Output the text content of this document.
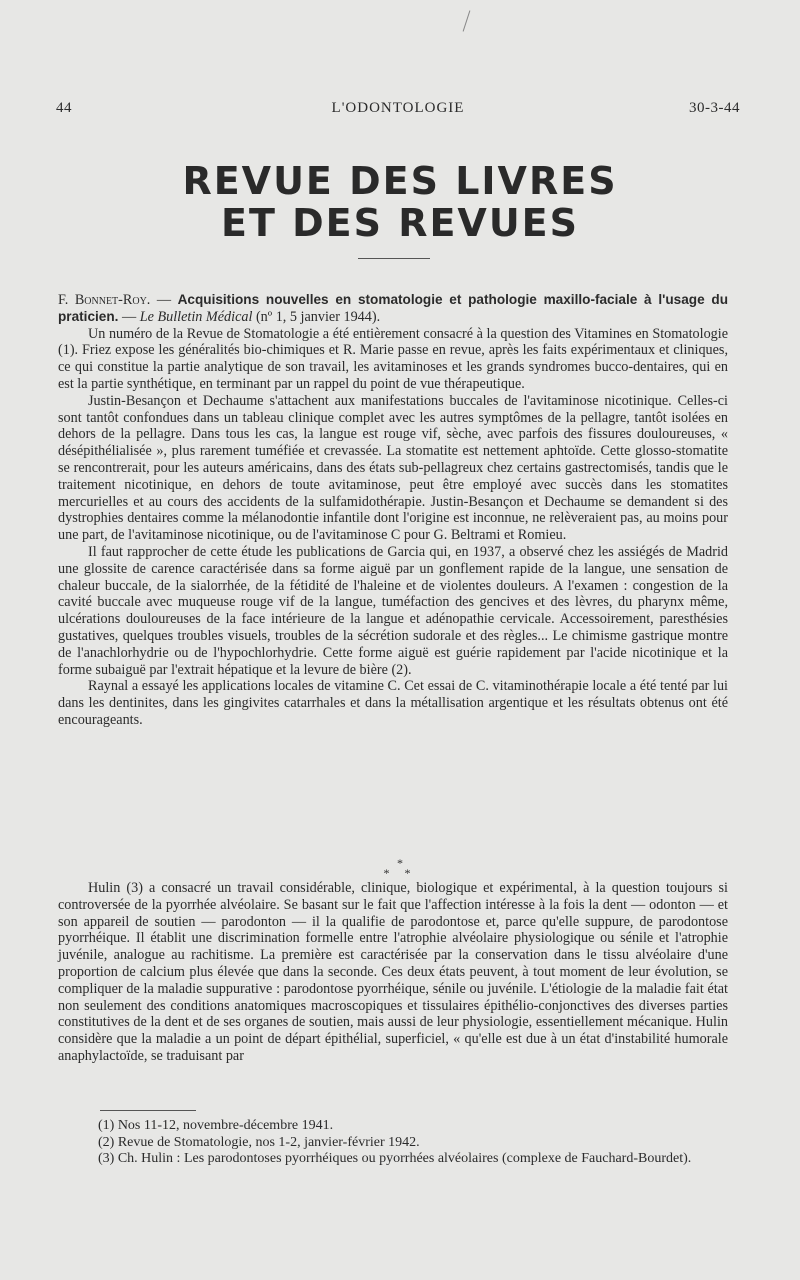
44	L'ODONTOLOGIE	30-3-44
REVUE DES LIVRES
ET DES REVUES

F. Bonnet-Roy. — Acquisitions nouvelles en stomatologie et pathologie maxillo-faciale à l'usage du praticien. — Le Bulletin Médical (nº 1, 5 janvier 1944).

Un numéro de la Revue de Stomatologie a été entièrement consacré à la question des Vitamines en Stomatologie (1). Friez expose les généralités bio-chimiques et R. Marie passe en revue, après les faits expérimentaux et cliniques, ce qui constitue la partie analytique de son travail, les avitaminoses et les grands syndromes bucco-dentaires, qui en est la partie synthétique, en terminant par un rappel du point de vue thérapeutique.

Justin-Besançon et Dechaume s'attachent aux manifestations buccales de l'avitaminose nicotinique. Celles-ci sont tantôt confondues dans un tableau clinique complet avec les autres symptômes de la pellagre, tantôt isolées en dehors de la pellagre. Dans tous les cas, la langue est rouge vif, sèche, avec parfois des fissures douloureuses, « désépithélialisée », plus rarement tuméfiée et crevassée. La stomatite est nettement aphtoïde. Cette glosso-stomatite se rencontrerait, pour les auteurs américains, dans des états sub-pellagreux chez certains gastrectomisés, tandis que le traitement nicotinique, en dehors de toute avitaminose, peut être employé avec succès dans les stomatites mercurielles et au cours des accidents de la sulfamidothérapie. Justin-Besançon et Dechaume se demandent si des dystrophies dentaires comme la mélanodontie infantile dont l'origine est inconnue, ne relèveraient pas, au moins pour une part, de l'avitaminose nicotinique, ou de l'avitaminose C pour G. Beltrami et Romieu.

Il faut rapprocher de cette étude les publications de Garcia qui, en 1937, a observé chez les assiégés de Madrid une glossite de carence caractérisée dans sa forme aiguë par un gonflement rapide de la langue, une sensation de chaleur buccale, de la sialorrhée, de la fétidité de l'haleine et de violentes douleurs. A l'examen : congestion de la cavité buccale avec muqueuse rouge vif de la langue, tuméfaction des gencives et des lèvres, du pharynx même, ulcérations douloureuses de la face intérieure de la langue et adénopathie cervicale. Accessoirement, paresthésies gustatives, quelques troubles visuels, troubles de la sécrétion sudorale et des règles... Le chimisme gastrique montre de l'anachlorhydrie ou de l'hypochlorhydrie. Cette forme aiguë est guérie rapidement par l'acide nicotinique et la forme subaiguë par l'extrait hépatique et la levure de bière (2).

Raynal a essayé les applications locales de vitamine C. Cet essai de C. vitaminothérapie locale a été tenté par lui dans les dentinites, dans les gingivites catarrhales et dans la métallisation argentique et les résultats obtenus ont été encourageants.

*
* *

Hulin (3) a consacré un travail considérable, clinique, biologique et expérimental, à la question toujours si controversée de la pyorrhée alvéolaire. Se basant sur le fait que l'affection intéresse à la fois la dent — odonton — et son appareil de soutien — parodonton — il la qualifie de parodontose et, parce qu'elle suppure, de parodontose pyorrhéique. Il établit une discrimination formelle entre l'atrophie alvéolaire physiologique ou sénile et l'atrophie juvénile, analogue au rachitisme. La première est caractérisée par la conservation dans le tissu alvéolaire d'une proportion de calcium plus élevée que dans la seconde. Ces deux états peuvent, à tout moment de leur évolution, se compliquer de la maladie suppurative : parodontose pyorrhéique, sénile ou juvénile. L'étiologie de la maladie fait état non seulement des conditions anatomiques macroscopiques et tissulaires épithélio-conjonctives des diverses parties constitutives de la dent et de ses organes de soutien, mais aussi de leur physiologie, essentiellement mécanique. Hulin considère que la maladie a un point de départ épithélial, superficiel, « qu'elle est due à un état d'instabilité humorale anaphylactoïde, se traduisant par

(1) Nos 11-12, novembre-décembre 1941.
(2) Revue de Stomatologie, nos 1-2, janvier-février 1942.
(3) Ch. Hulin : Les parodontoses pyorrhéiques ou pyorrhées alvéolaires (complexe de Fauchard-Bourdet).
